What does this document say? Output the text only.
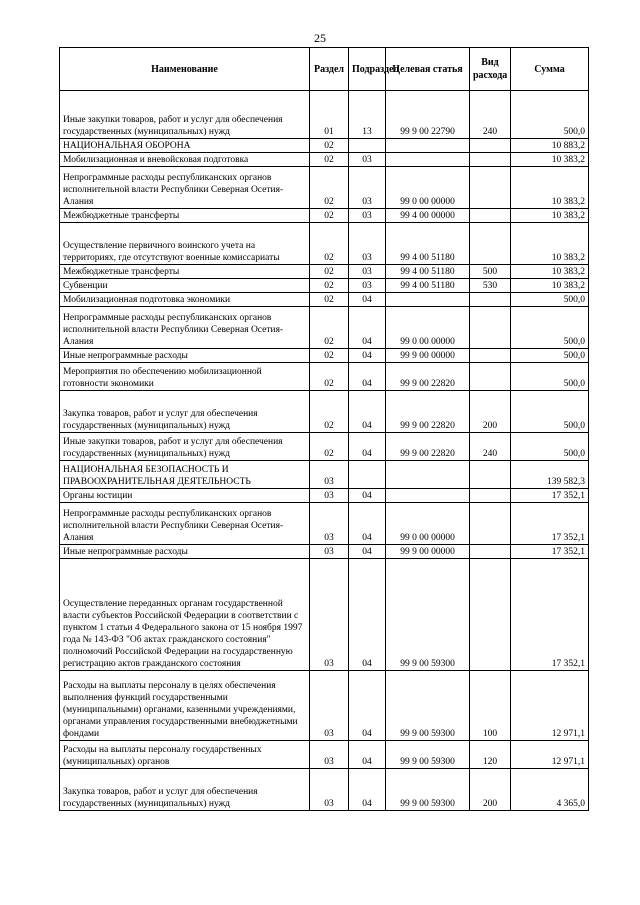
25
Наименование	Раздел	Подраздел	Целевая статья	Вид расхода	Сумма
Иные закупки товаров, работ и услуг для обеспечения государственных (муниципальных) нужд	01	13	99 9 00 22790	240	500,0
НАЦИОНАЛЬНАЯ ОБОРОНА	02				10 883,2
Мобилизационная и вневойсковая подготовка	02	03			10 383,2
Непрограммные расходы республиканских органов исполнительной власти Республики Северная Осетия-Алания	02	03	99 0 00 00000		10 383,2
Межбюджетные трансферты	02	03	99 4 00 00000		10 383,2
Осуществление первичного воинского учета на территориях, где отсутствуют военные комиссариаты	02	03	99 4 00 51180		10 383,2
Межбюджетные трансферты	02	03	99 4 00 51180	500	10 383,2
Субвенции	02	03	99 4 00 51180	530	10 383,2
Мобилизационная подготовка экономики	02	04			500,0
Непрограммные расходы республиканских органов исполнительной власти Республики Северная Осетия-Алания	02	04	99 0 00 00000		500,0
Иные непрограммные расходы	02	04	99 9 00 00000		500,0
Мероприятия по обеспечению мобилизационной готовности экономики	02	04	99 9 00 22820		500,0
Закупка товаров, работ и услуг для обеспечения государственных (муниципальных) нужд	02	04	99 9 00 22820	200	500,0
Иные закупки товаров, работ и услуг для обеспечения государственных (муниципальных) нужд	02	04	99 9 00 22820	240	500,0
НАЦИОНАЛЬНАЯ БЕЗОПАСНОСТЬ И ПРАВООХРАНИТЕЛЬНАЯ ДЕЯТЕЛЬНОСТЬ	03				139 582,3
Органы юстиции	03	04			17 352,1
Непрограммные расходы республиканских органов исполнительной власти Республики Северная Осетия-Алания	03	04	99 0 00 00000		17 352,1
Иные непрограммные расходы	03	04	99 9 00 00000		17 352,1
Осуществление переданных органам государственной власти субъектов Российской Федерации в соответствии с пунктом 1 статьи 4 Федерального закона от 15 ноября 1997 года № 143-ФЗ "Об актах гражданского состояния" полномочий Российской Федерации на государственную регистрацию актов гражданского состояния	03	04	99 9 00 59300		17 352,1
Расходы на выплаты персоналу в целях обеспечения выполнения функций государственными (муниципальными) органами, казенными учреждениями, органами управления государственными внебюджетными фондами	03	04	99 9 00 59300	100	12 971,1
Расходы на выплаты персоналу государственных (муниципальных) органов	03	04	99 9 00 59300	120	12 971,1
Закупка товаров, работ и услуг для обеспечения государственных (муниципальных) нужд	03	04	99 9 00 59300	200	4 365,0
